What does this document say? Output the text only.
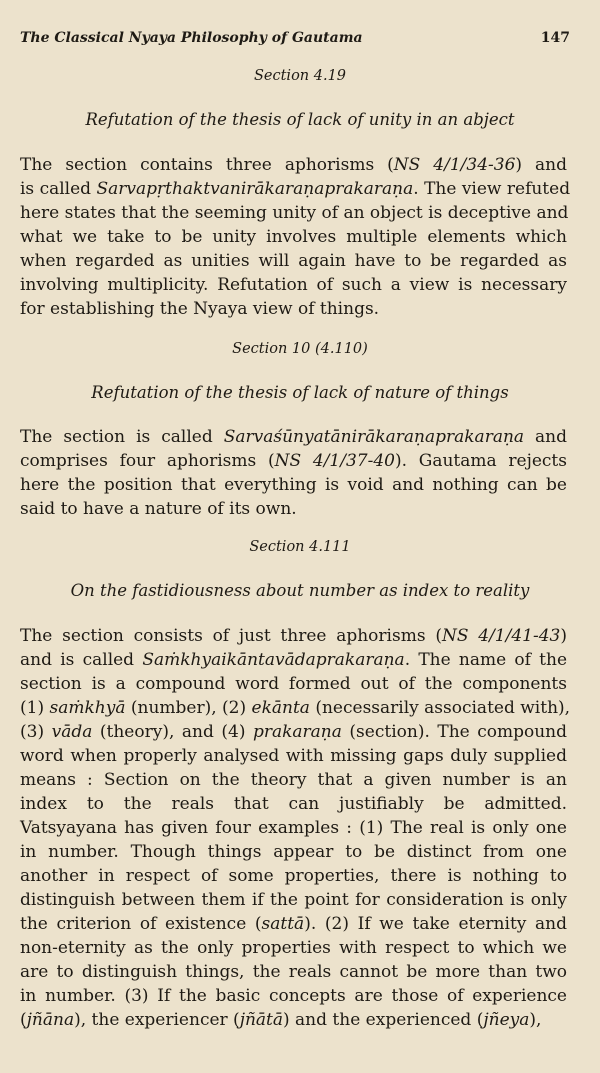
The Classical Nyaya Philosophy of Gautama	147
Section 4.19
Refutation of the thesis of lack of unity in an abject
The section contains three aphorisms (NS 4/1/34-36) and
is called Sarvapṛthaktvanirākaraṇaprakaraṇa. The view refuted
here states that the seeming unity of an object is deceptive and
what we take to be unity involves multiple elements which
when regarded as unities will again have to be regarded as
involving multiplicity. Refutation of such a view is necessary
for establishing the Nyaya view of things.
Section 10 (4.110)
Refutation of the thesis of lack of nature of things
The section is called Sarvaśūnyatānirākaraṇaprakaraṇa and
comprises four aphorisms (NS 4/1/37-40). Gautama rejects
here the position that everything is void and nothing can be
said to have a nature of its own.
Section 4.111
On the fastidiousness about number as index to reality
The section consists of just three aphorisms (NS 4/1/41-43)
and is called Saṁkhyaikāntavādaprakaraṇa. The name of the
section is a compound word formed out of the components
(1) saṁkhyā (number), (2) ekānta (necessarily associated with),
(3) vāda (theory), and (4) prakaraṇa (section). The compound
word when properly analysed with missing gaps duly supplied
means : Section on the theory that a given number is an
index to the reals that can justifiably be admitted.
Vatsyayana has given four examples : (1) The real is only one
in number. Though things appear to be distinct from one
another in respect of some properties, there is nothing to
distinguish between them if the point for consideration is only
the criterion of existence (sattā). (2) If we take eternity and
non-eternity as the only properties with respect to which we
are to distinguish things, the reals cannot be more than two
in number. (3) If the basic concepts are those of experience
(jñāna), the experiencer (jñātā) and the experienced (jñeya),
